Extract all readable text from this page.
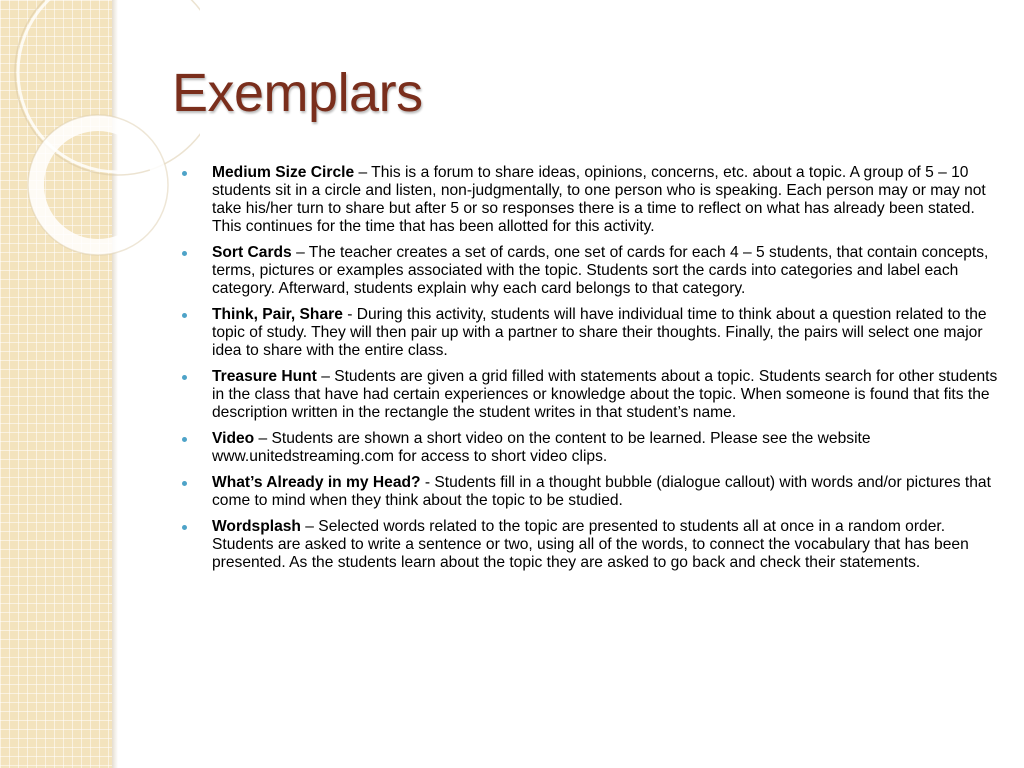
Exemplars
Medium Size Circle – This is a forum to share ideas, opinions, concerns, etc. about a topic. A group of 5 – 10 students sit in a circle and listen, non-judgmentally, to one person who is speaking. Each person may or may not take his/her turn to share but after 5 or so responses there is a time to reflect on what has already been stated. This continues for the time that has been allotted for this activity.
Sort Cards – The teacher creates a set of cards, one set of cards for each 4 – 5 students, that contain concepts, terms, pictures or examples associated with the topic. Students sort the cards into categories and label each category. Afterward, students explain why each card belongs to that category.
Think, Pair, Share - During this activity, students will have individual time to think about a question related to the topic of study. They will then pair up with a partner to share their thoughts. Finally, the pairs will select one major idea to share with the entire class.
Treasure Hunt – Students are given a grid filled with statements about a topic. Students search for other students in the class that have had certain experiences or knowledge about the topic. When someone is found that fits the description written in the rectangle the student writes in that student’s name.
Video – Students are shown a short video on the content to be learned. Please see the website www.unitedstreaming.com for access to short video clips.
What’s Already in my Head? - Students fill in a thought bubble (dialogue callout) with words and/or pictures that come to mind when they think about the topic to be studied.
Wordsplash – Selected words related to the topic are presented to students all at once in a random order. Students are asked to write a sentence or two, using all of the words, to connect the vocabulary that has been presented. As the students learn about the topic they are asked to go back and check their statements.
